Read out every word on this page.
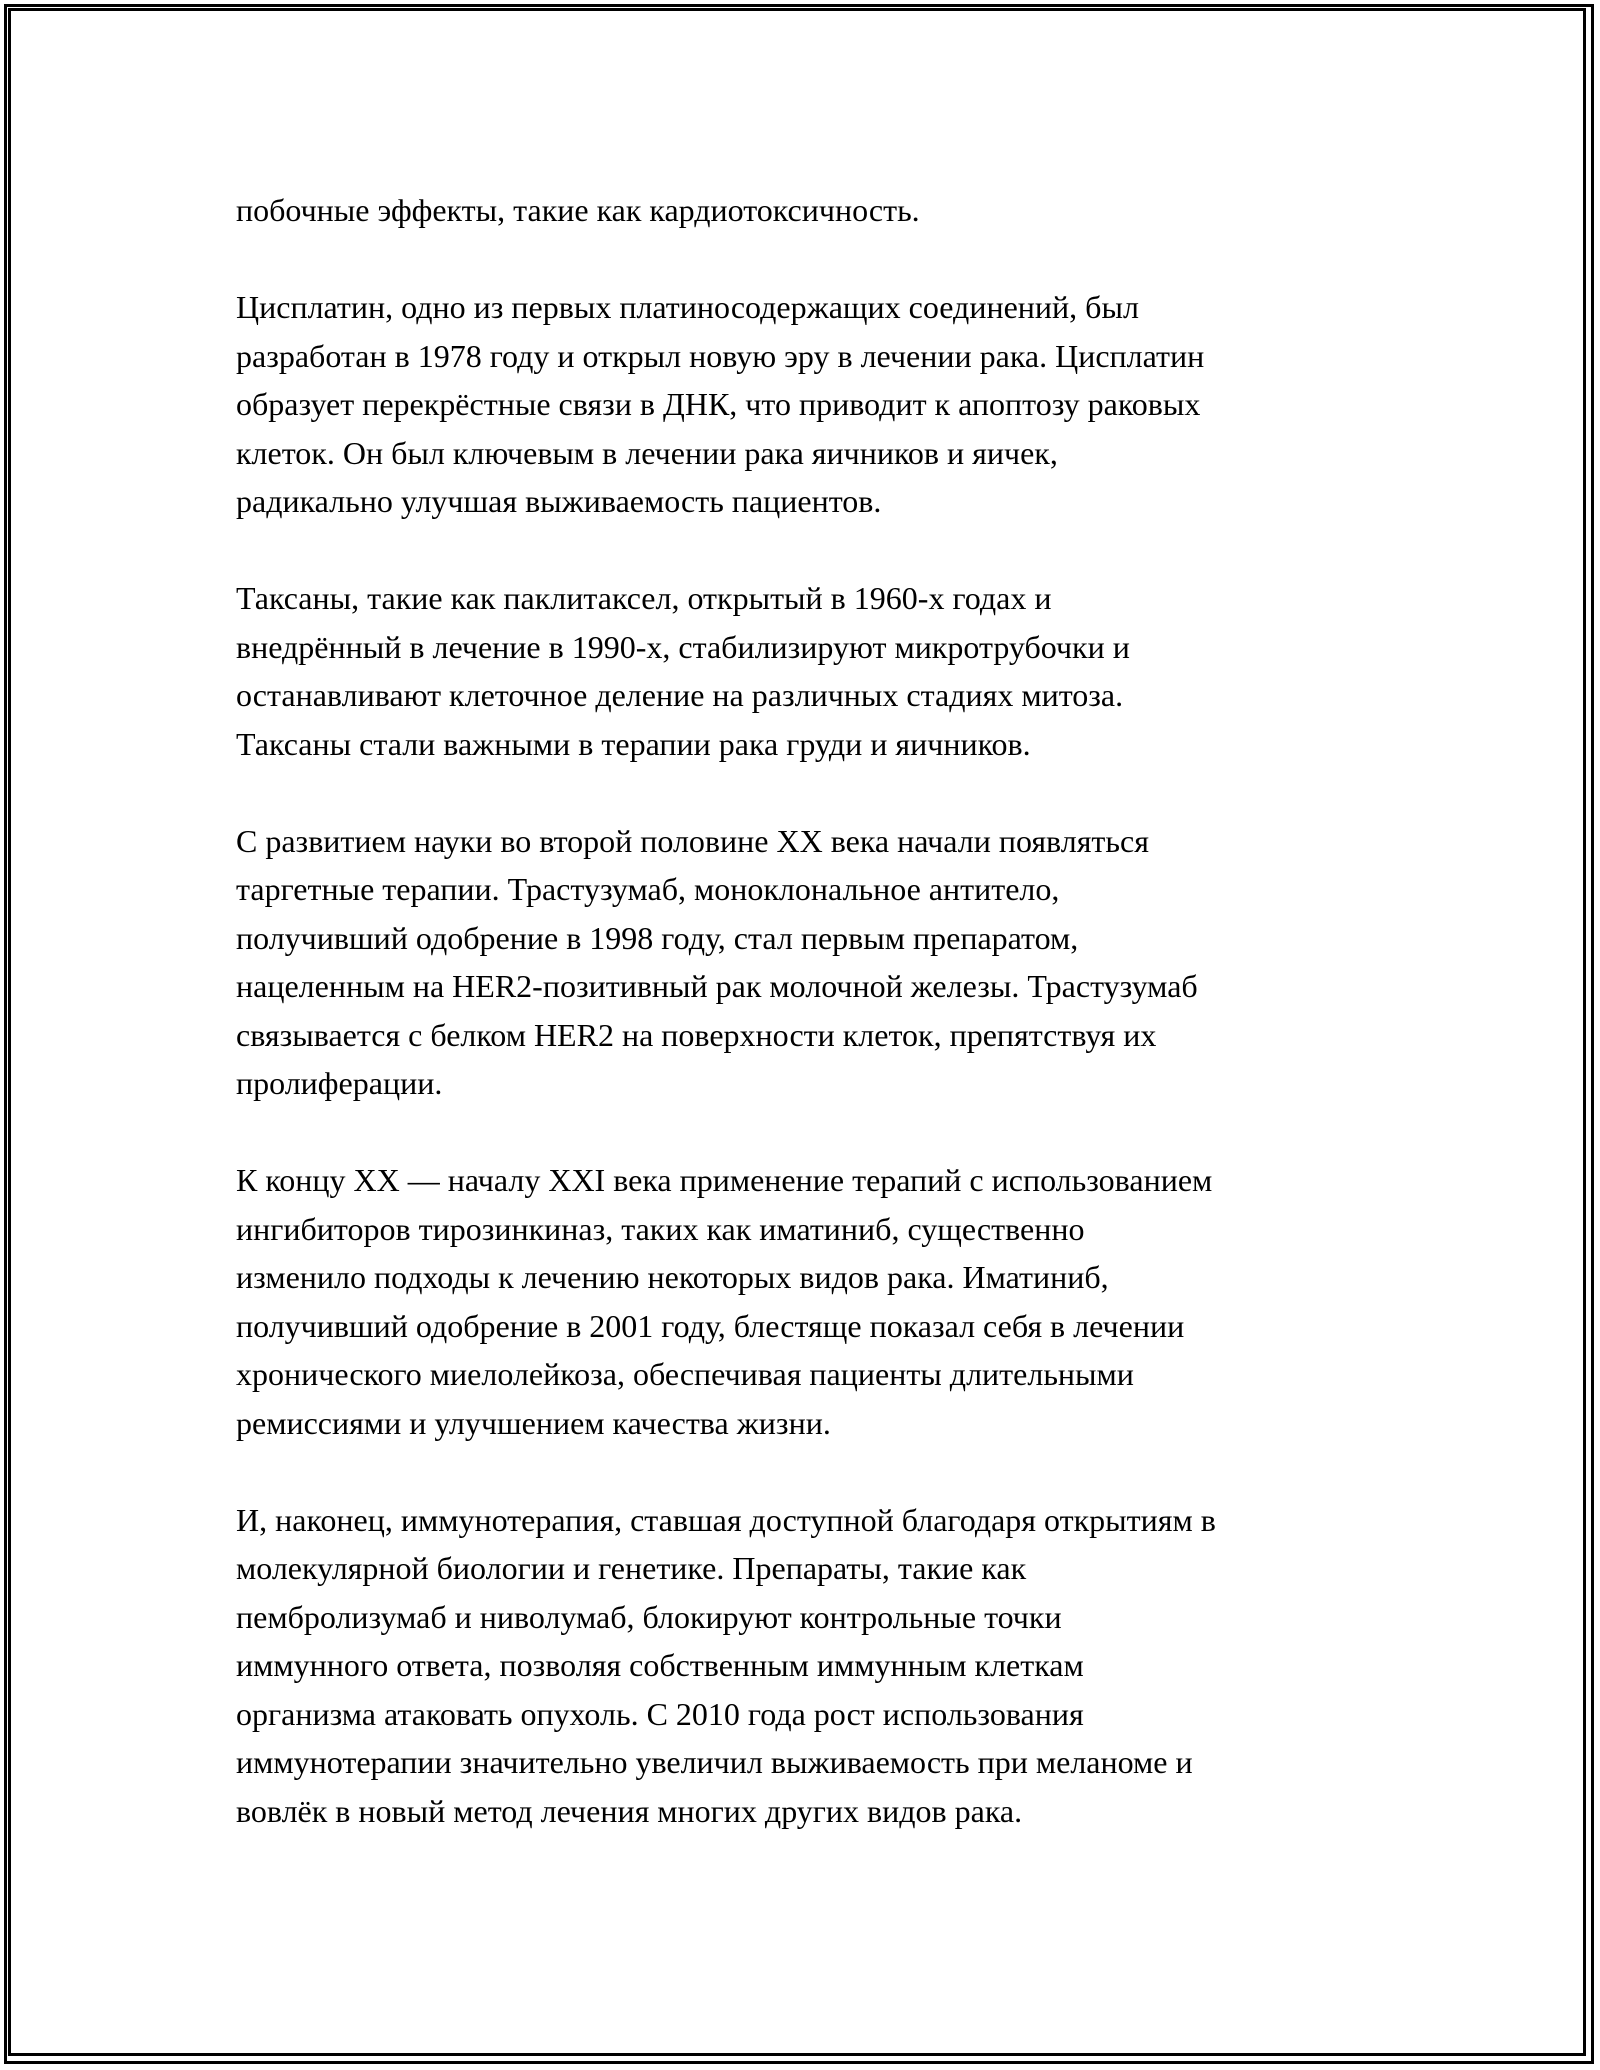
побочные эффекты, такие как кардиотоксичность.

Цисплатин, одно из первых платиносодержащих соединений, был
разработан в 1978 году и открыл новую эру в лечении рака. Цисплатин
образует перекрёстные связи в ДНК, что приводит к апоптозу раковых
клеток. Он был ключевым в лечении рака яичников и яичек,
радикально улучшая выживаемость пациентов.

Таксаны, такие как паклитаксел, открытый в 1960-х годах и
внедрённый в лечение в 1990-х, стабилизируют микротрубочки и
останавливают клеточное деление на различных стадиях митоза.
Таксаны стали важными в терапии рака груди и яичников.

С развитием науки во второй половине XX века начали появляться
таргетные терапии. Трастузумаб, моноклональное антитело,
получивший одобрение в 1998 году, стал первым препаратом,
нацеленным на HER2-позитивный рак молочной железы. Трастузумаб
связывается с белком HER2 на поверхности клеток, препятствуя их
пролиферации.

К концу XX — началу XXI века применение терапий с использованием
ингибиторов тирозинкиназ, таких как иматиниб, существенно
изменило подходы к лечению некоторых видов рака. Иматиниб,
получивший одобрение в 2001 году, блестяще показал себя в лечении
хронического миелолейкоза, обеспечивая пациенты длительными
ремиссиями и улучшением качества жизни.

И, наконец, иммунотерапия, ставшая доступной благодаря открытиям в
молекулярной биологии и генетике. Препараты, такие как
пембролизумаб и ниволумаб, блокируют контрольные точки
иммунного ответа, позволяя собственным иммунным клеткам
организма атаковать опухоль. С 2010 года рост использования
иммунотерапии значительно увеличил выживаемость при меланоме и
вовлёк в новый метод лечения многих других видов рака.
